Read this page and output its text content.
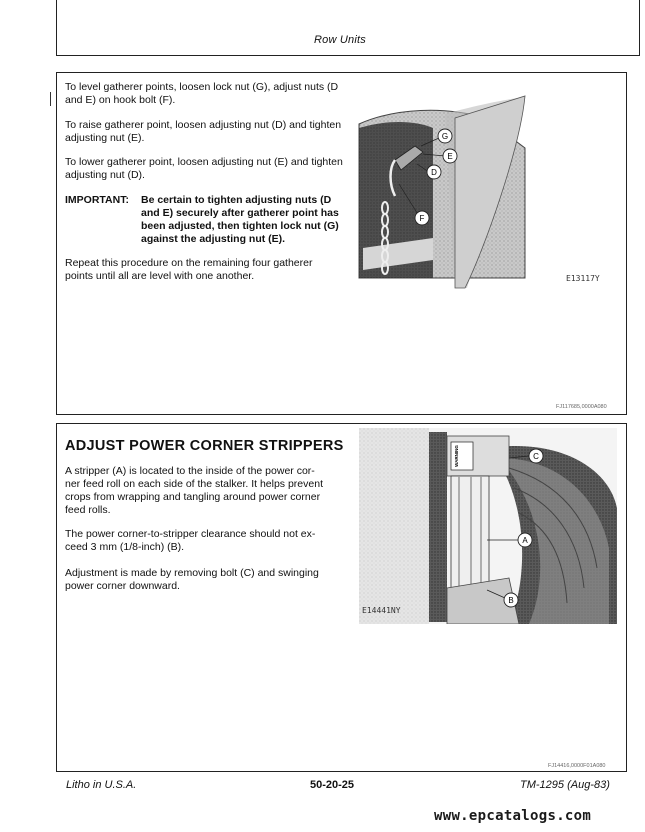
Row Units

To level gatherer points, loosen lock nut (G), adjust nuts (D and E) on hook bolt (F).

To raise gatherer point, loosen adjusting nut (D) and tighten adjusting nut (E).

To lower gatherer point, loosen adjusting nut (E) and tighten adjusting nut (D).

IMPORTANT: Be certain to tighten adjusting nuts (D
and E) securely after gatherer point has
been adjusted, then tighten lock nut (G)
against the adjusting nut (E).
Repeat this procedure on the remaining four gatherer
points until all are level with one another.
G
E
D
F
E13117Y
FJ117685,0000A080
ADJUST POWER CORNER STRIPPERS
A stripper (A) is located to the inside of the power cor-
ner feed roll on each side of the stalker. It helps prevent
crops from wrapping and tangling around power corner
feed rolls.
The power corner-to-stripper clearance should not ex-
ceed 3 mm (1/8-inch) (B).
Adjustment is made by removing bolt (C) and swinging
power corner downward.
WARNING	C
A
B
E14441NY
FJ14416,0000F01A080
Litho in U.S.A.	50-20-25	TM-1295 (Aug-83)
www.epcatalogs.com
